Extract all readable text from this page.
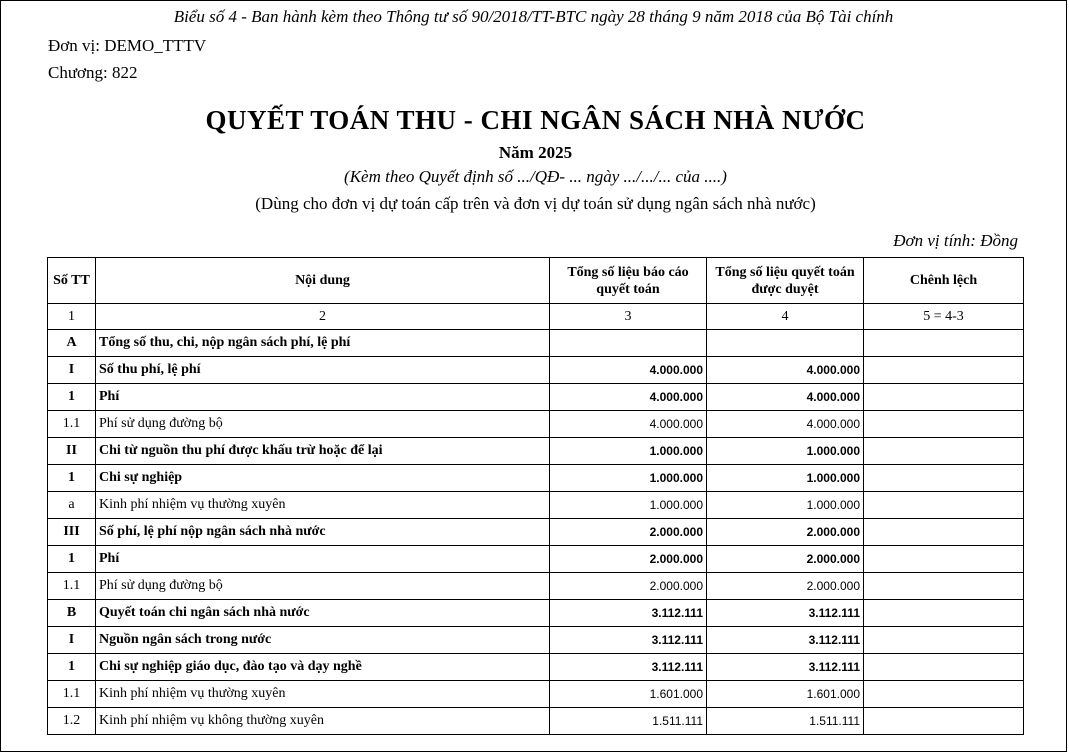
Biểu số 4 - Ban hành kèm theo Thông tư số 90/2018/TT-BTC ngày 28 tháng 9 năm 2018 của Bộ Tài chính
Đơn vị: DEMO_TTTV
Chương: 822
QUYẾT TOÁN THU - CHI NGÂN SÁCH NHÀ NƯỚC
Năm 2025
(Kèm theo Quyết định số .../QĐ- ... ngày .../.../... của ....)
(Dùng cho đơn vị dự toán cấp trên và đơn vị dự toán sử dụng ngân sách nhà nước)
Đơn vị tính: Đồng
Số TT	Nội dung	Tổng số liệu báo cáo quyết toán	Tổng số liệu quyết toán được duyệt	Chênh lệch
1	2	3	4	5 = 4-3
A	Tổng số thu, chi, nộp ngân sách phí, lệ phí			
I	Số thu phí, lệ phí	4.000.000	4.000.000	
1	Phí	4.000.000	4.000.000	
1.1	Phí sử dụng đường bộ	4.000.000	4.000.000	
II	Chi từ nguồn thu phí được khấu trừ hoặc để lại	1.000.000	1.000.000	
1	Chi sự nghiệp	1.000.000	1.000.000	
a	Kinh phí nhiệm vụ thường xuyên	1.000.000	1.000.000	
III	Số phí, lệ phí nộp ngân sách nhà nước	2.000.000	2.000.000	
1	Phí	2.000.000	2.000.000	
1.1	Phí sử dụng đường bộ	2.000.000	2.000.000	
B	Quyết toán chi ngân sách nhà nước	3.112.111	3.112.111	
I	Nguồn ngân sách trong nước	3.112.111	3.112.111	
1	Chi sự nghiệp giáo dục, đào tạo và dạy nghề	3.112.111	3.112.111	
1.1	Kinh phí nhiệm vụ thường xuyên	1.601.000	1.601.000	
1.2	Kinh phí nhiệm vụ không thường xuyên	1.511.111	1.511.111	
